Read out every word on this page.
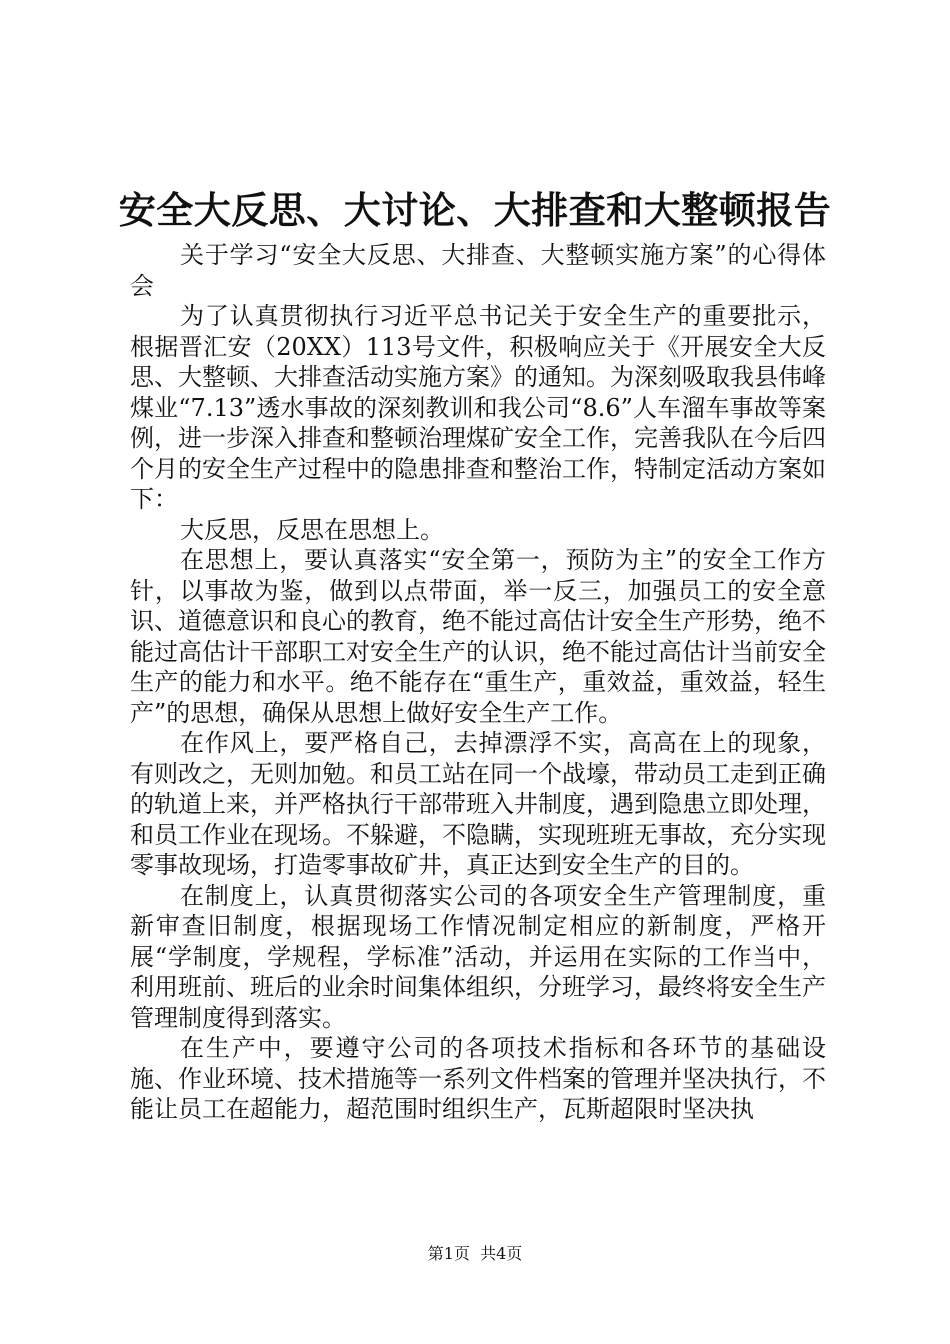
安全大反思、大讨论、大排查和大整顿报告

关于学习“安全大反思、大排查、大整顿实施方案”的心得体会

为了认真贯彻执行习近平总书记关于安全生产的重要批示，根据晋汇安（20XX）113号文件，积极响应关于《开展安全大反思、大整顿、大排查活动实施方案》的通知。为深刻吸取我县伟峰煤业“7.13”透水事故的深刻教训和我公司“8.6”人车溜车事故等案例，进一步深入排查和整顿治理煤矿安全工作，完善我队在今后四个月的安全生产过程中的隐患排查和整治工作，特制定活动方案如下：

大反思，反思在思想上。

在思想上，要认真落实“安全第一，预防为主”的安全工作方针，以事故为鉴，做到以点带面，举一反三，加强员工的安全意识、道德意识和良心的教育，绝不能过高估计安全生产形势，绝不能过高估计干部职工对安全生产的认识，绝不能过高估计当前安全生产的能力和水平。绝不能存在“重生产，重效益，重效益，轻生产”的思想，确保从思想上做好安全生产工作。

在作风上，要严格自己，去掉漂浮不实，高高在上的现象，有则改之，无则加勉。和员工站在同一个战壕，带动员工走到正确的轨道上来，并严格执行干部带班入井制度，遇到隐患立即处理，和员工作业在现场。不躲避，不隐瞒，实现班班无事故，充分实现零事故现场，打造零事故矿井，真正达到安全生产的目的。

在制度上，认真贯彻落实公司的各项安全生产管理制度，重新审查旧制度，根据现场工作情况制定相应的新制度，严格开展“学制度，学规程，学标准”活动，并运用在实际的工作当中，利用班前、班后的业余时间集体组织，分班学习，最终将安全生产管理制度得到落实。

在生产中，要遵守公司的各项技术指标和各环节的基础设施、作业环境、技术措施等一系列文件档案的管理并坚决执行，不能让员工在超能力，超范围时组织生产，瓦斯超限时坚决执

第1页  共4页
